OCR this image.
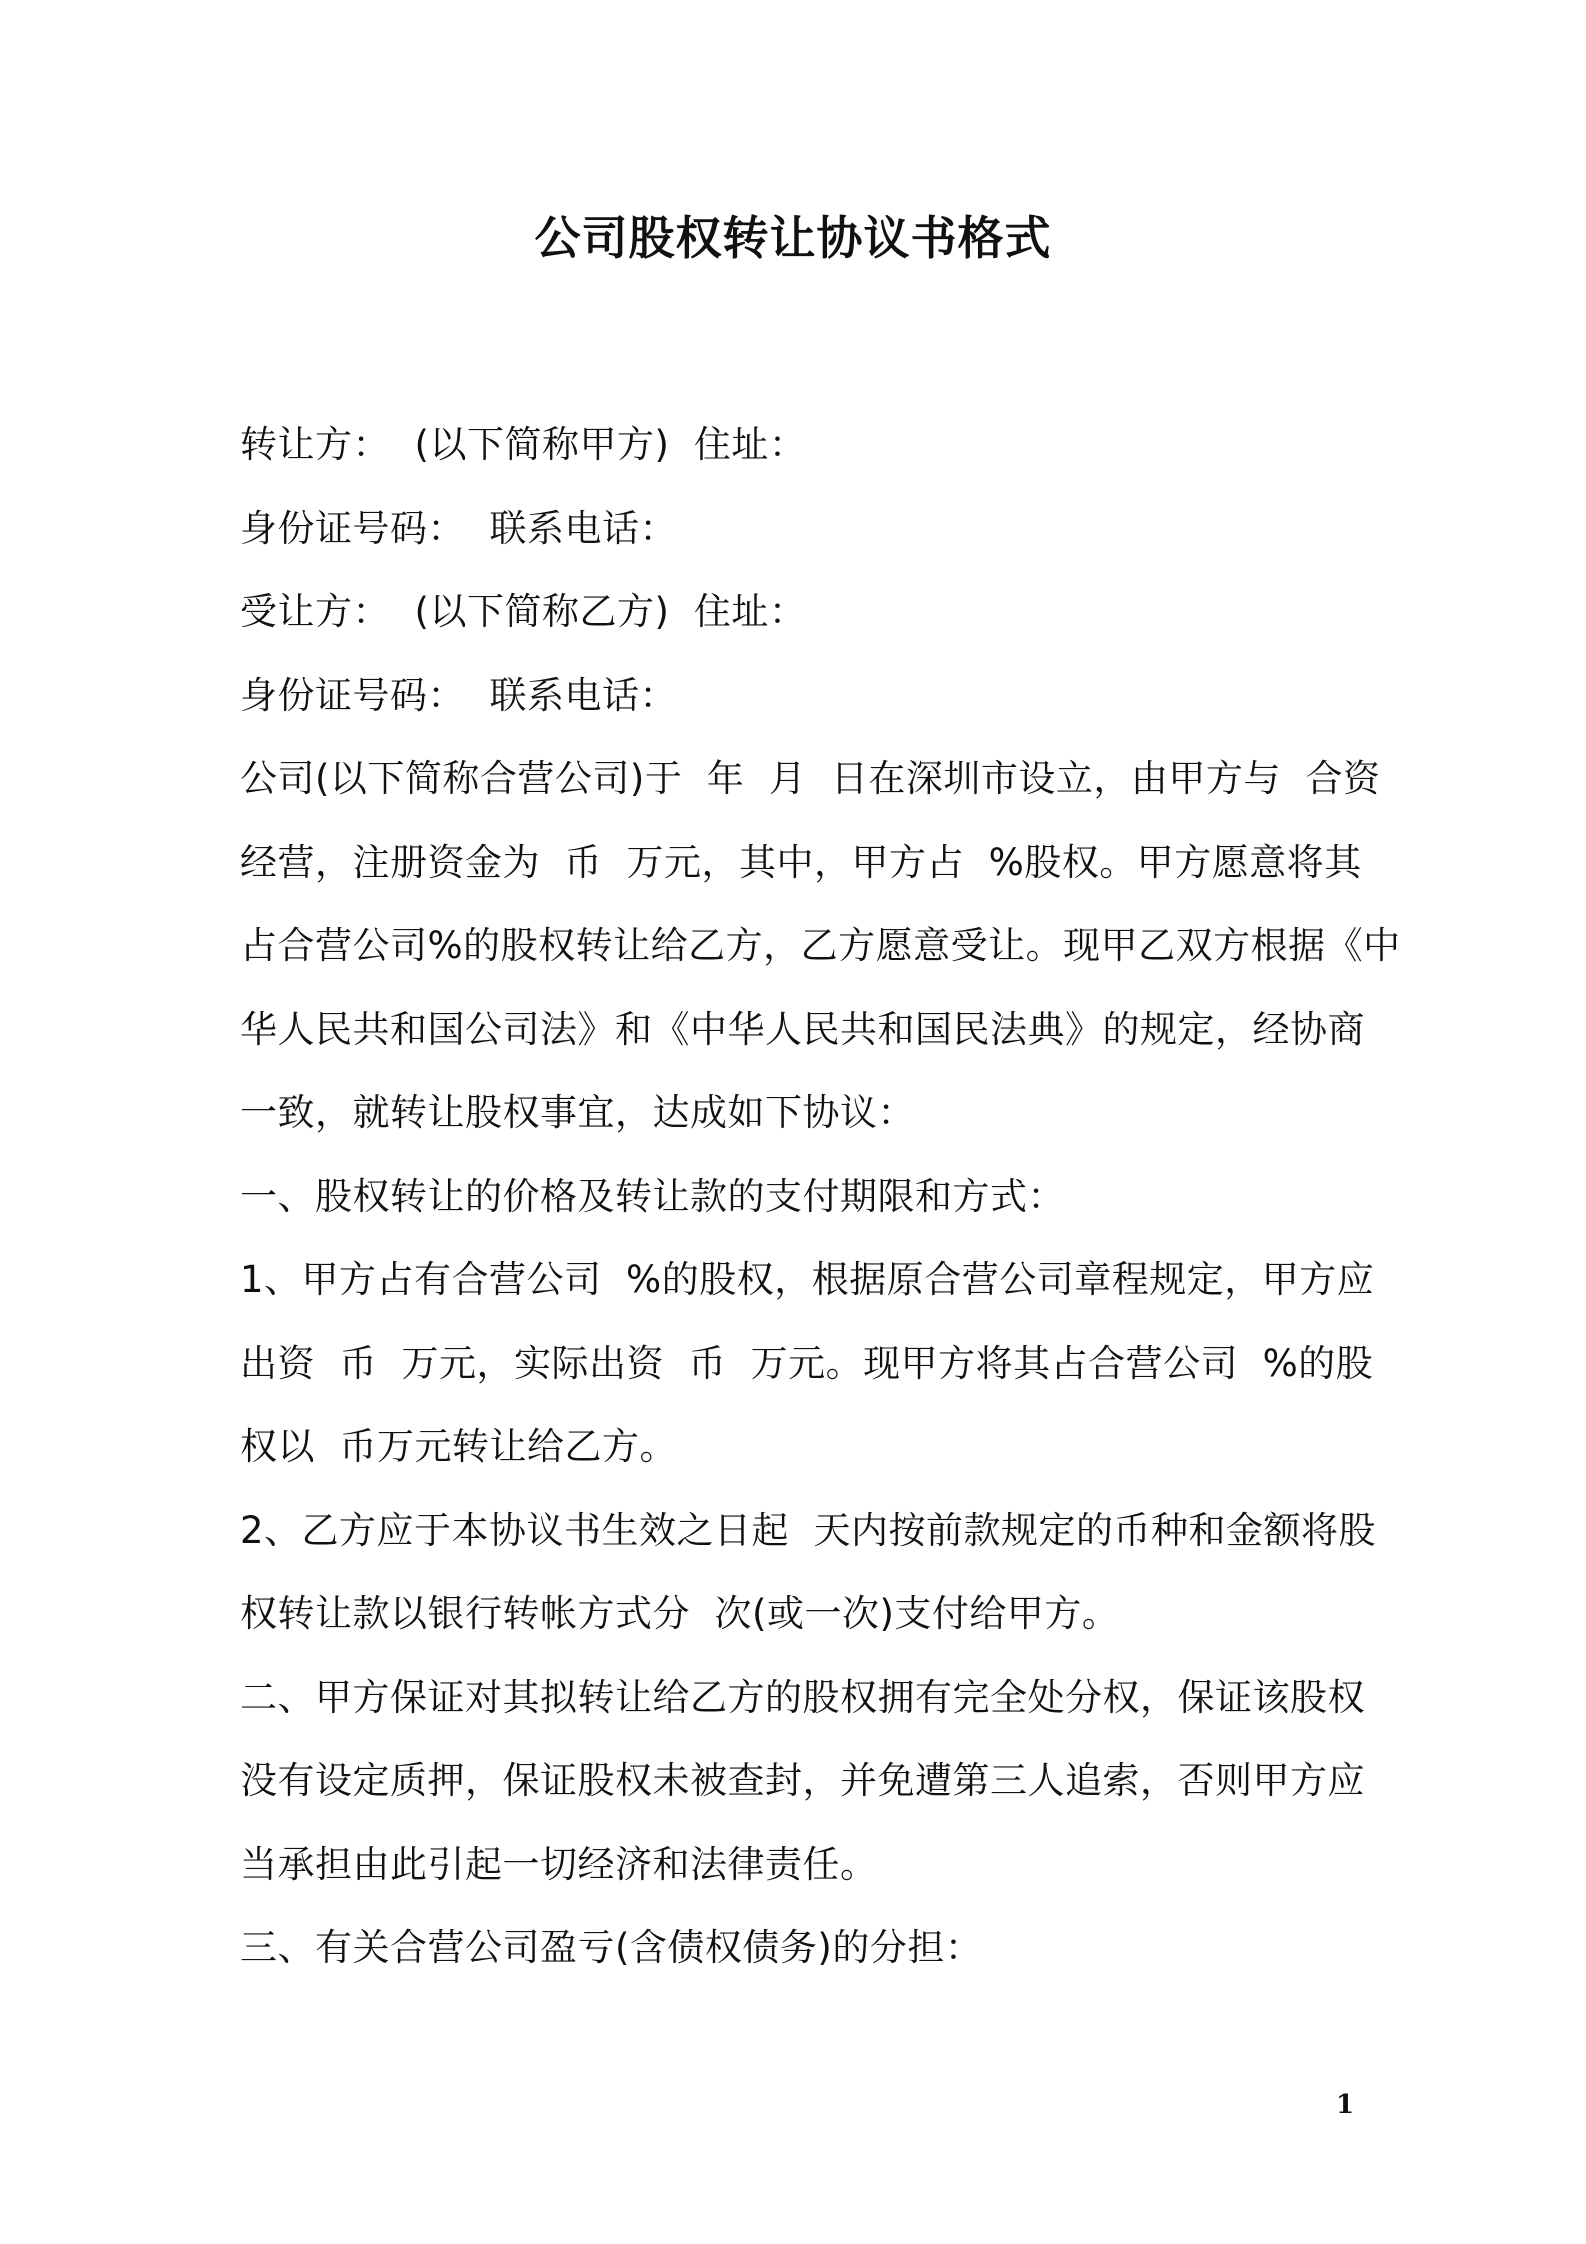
公司股权转让协议书格式
转让方：  (以下简称甲方)  住址：
身份证号码：  联系电话：
受让方：  (以下简称乙方)  住址：
身份证号码：  联系电话：
公司(以下简称合营公司)于  年  月  日在深圳市设立，由甲方与  合资
经营，注册资金为  币  万元，其中，甲方占  %股权。甲方愿意将其
占合营公司%的股权转让给乙方，乙方愿意受让。现甲乙双方根据《中
华人民共和国公司法》和《中华人民共和国民法典》的规定，经协商
一致，就转让股权事宜，达成如下协议：
一、股权转让的价格及转让款的支付期限和方式：
1、甲方占有合营公司  %的股权，根据原合营公司章程规定，甲方应
出资  币  万元，实际出资  币  万元。现甲方将其占合营公司  %的股
权以  币万元转让给乙方。
2、乙方应于本协议书生效之日起  天内按前款规定的币种和金额将股
权转让款以银行转帐方式分  次(或一次)支付给甲方。
二、甲方保证对其拟转让给乙方的股权拥有完全处分权，保证该股权
没有设定质押，保证股权未被查封，并免遭第三人追索，否则甲方应
当承担由此引起一切经济和法律责任。
三、有关合营公司盈亏(含债权债务)的分担：
1
